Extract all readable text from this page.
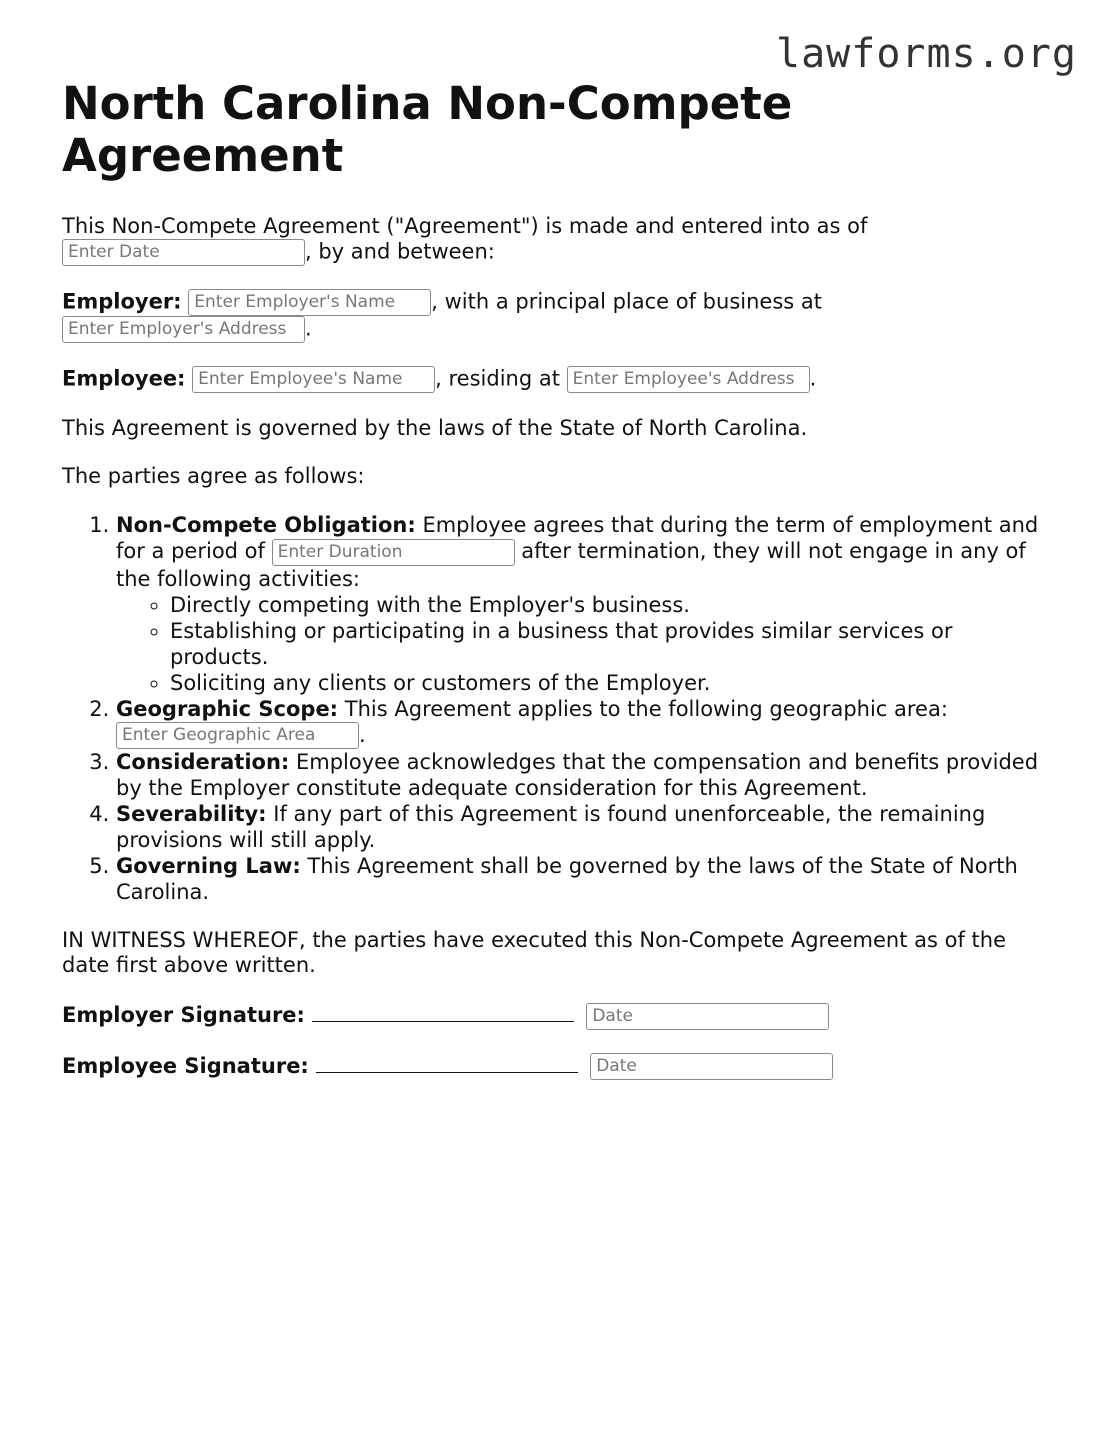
lawforms.org
North Carolina Non-Compete Agreement

This Non-Compete Agreement ("Agreement") is made and entered into as of Enter Date	, by and between:

Employer: Enter Employer's Name , with a principal place of business at Enter Employer's Address .

Employee: Enter Employee's Name , residing at Enter Employee's Address .

This Agreement is governed by the laws of the State of North Carolina.

The parties agree as follows:

1. Non-Compete Obligation: Employee agrees that during the term of employment and for a period of Enter Duration	after termination, they will not engage in any of the following activities:
◦ Directly competing with the Employer's business.
◦ Establishing or participating in a business that provides similar services or products.
◦ Soliciting any clients or customers of the Employer.
2. Geographic Scope: This Agreement applies to the following geographic area: Enter Geographic Area .
3. Consideration: Employee acknowledges that the compensation and benefits provided by the Employer constitute adequate consideration for this Agreement.
4. Severability: If any part of this Agreement is found unenforceable, the remaining provisions will still apply.
5. Governing Law: This Agreement shall be governed by the laws of the State of North Carolina.

IN WITNESS WHEREOF, the parties have executed this Non-Compete Agreement as of the date first above written.

Employer Signature:	Date
Employee Signature:	Date
